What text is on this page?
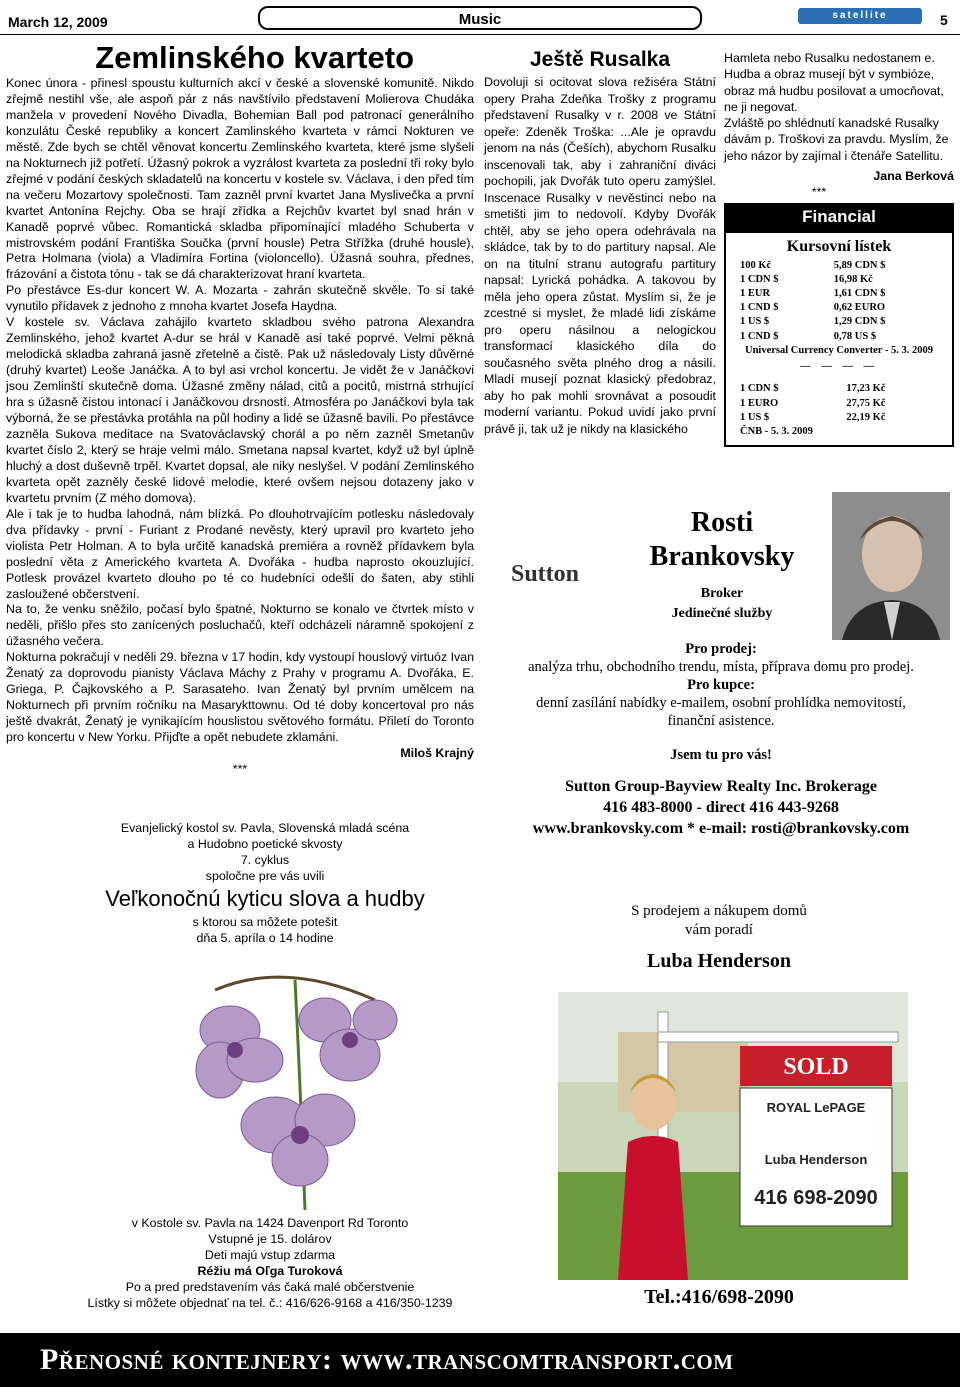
March 12, 2009	Music	satellite	5
Zemlinského kvarteto

Konec února - přinesl spoustu kulturních akcí v české a slovenské komunitě. Nikdo zřejmě nestihl vše, ale aspoň pár z nás navštívilo představení Molierova Chudáka manžela v provedení Nového Divadla, Bohemian Ball pod patronací generálního konzulátu České republiky a koncert Zamlinského kvarteta v rámci Nokturen ve městě. Zde bych se chtěl věnovat koncertu Zemlinského kvarteta, které jsme slyšeli na Nokturnech již potřetí. Úžasný pokrok a vyzrálost kvarteta za poslední tři roky bylo zřejmé v podání českých skladatelů na koncertu v kostele sv. Václava, i den před tím na večeru Mozartovy společnosti. Tam zazněl první kvartet Jana Myslivečka a první kvartet Antonína Rejchy. Oba se hrají zřídka a Rejchův kvartet byl snad hrán v Kanadě poprvé vůbec. Romantická skladba připomínající mladého Schuberta v mistrovském podání Františka Součka (první housle) Petra Střížka (druhé housle), Petra Holmana (viola) a Vladimíra Fortina (violoncello). Úžasná souhra, přednes, frázování a čistota tónu - tak se dá charakterizovat hraní kvarteta.

Po přestávce Es-dur koncert W. A. Mozarta - zahrán skutečně skvěle. To si také vynutilo přídavek z jednoho z mnoha kvartet Josefa Haydna.

V kostele sv. Václava zahájilo kvarteto skladbou svého patrona Alexandra Zemlinského, jehož kvartet A-dur se hrál v Kanadě asi také poprvé. Velmi pěkná melodická skladba zahraná jasně zřetelně a čistě. Pak už následovaly Listy důvěrné (druhý kvartet) Leoše Janáčka. A to byl asi vrchol koncertu. Je vidět že v Janáčkovi jsou Zemlinští skutečně doma. Úžasné změny nálad, citů a pocitů, mistrná strhující hra s úžasně čistou intonací i Janáčkovou drsností. Atmosféra po Janáčkovi byla tak výborná, že se přestávka protáhla na půl hodiny a lidé se úžasně bavili. Po přestávce zazněla Sukova meditace na Svatováclavský chorál a po něm zazněl Smetanův kvartet číslo 2, který se hraje velmi málo. Smetana napsal kvartet, když už byl úplně hluchý a dost duševně trpěl. Kvartet dopsal, ale niky neslyšel. V podání Zemlinského kvarteta opět zazněly české lidové melodie, které ovšem nejsou dotazeny jako v kvartetu prvním (Z mého domova).

Ale i tak je to hudba lahodná, nám blízká. Po dlouhotrvajícím potlesku následovaly dva přídavky - první - Furiant z Prodané nevěsty, který upravil pro kvarteto jeho violista Petr Holman. A to byla určitě kanadská premiéra a rovněž přídavkem byla poslední věta z Amerického kvarteta A. Dvořáka - hudba naprosto okouzlující. Potlesk provázel kvarteto dlouho po té co hudebníci odešli do šaten, aby stihli zasloužené občerstvení.

Na to, že venku sněžilo, počasí bylo špatné, Nokturno se konalo ve čtvrtek místo v neděli, přišlo přes sto zanícených posluchačů, kteří odcházeli náramně spokojení z úžasného večera.

Nokturna pokračují v neděli 29. března v 17 hodin, kdy vystoupí houslový virtuóz Ivan Ženatý za doprovodu pianisty Václava Máchy z Prahy v programu A. Dvořáka, E. Griega, P. Čajkovského a P. Sarasateho. Ivan Ženatý byl prvním umělcem na Nokturnech při prvním ročníku na Masarykttownu. Od té doby koncertoval pro nás ještě dvakrát, Ženatý je vynikajícím houslistou světového formátu. Přiletí do Toronto pro koncertu v New Yorku. Přijďte a opět nebudete zklamáni.

Miloš Krajný

***

Evanjelický kostol sv. Pavla, Slovenská mladá scéna
a Hudobno poetické skvosty
7. cyklus
spoločne pre vás uvili
Veľkonočnú kyticu slova a hudby
s ktorou sa môžete potešit
dňa 5. apríla o 14 hodine
v Kostole sv. Pavla na 1424 Davenport Rd Toronto
Vstupné je 15. dolárov
Deti majú vstup zdarma
Réžiu má Oľga Turoková
Po a pred predstavením vás čaká malé občerstvenie
Lístky si môžete objednať na tel. č.: 416/626-9168 a 416/350-1239
Ještě Rusalka

Dovoluji si ocitovat slova režiséra Státní opery Praha Zdeňka Trošky z programu představení Rusalky v r. 2008 ve Státní opeře: Zdeněk Troška: ...Ale je opravdu jenom na nás (Češích), abychom Rusalku inscenovali tak, aby i zahraniční diváci pochopili, jak Dvořák tuto operu zamýšlel. Inscenace Rusalky v nevěstinci nebo na smetišti jim to nedovolí. Kdyby Dvořák chtěl, aby se jeho opera odehrávala na skládce, tak by to do partitury napsal. Ale on na titulní stranu autografu partitury napsal: Lyrická pohádka. A takovou by měla jeho opera zůstat. Myslím si, že je zcestné si myslet, že mladé lidi získáme pro operu násilnou a nelogickou transformací klasického díla do současného světa plného drog a násilí. Mladí musejí poznat klasický předobraz, aby ho pak mohli srovnávat a posoudit moderní variantu. Pokud uvidí jako první právě ji, tak už je nikdy na klasického

Hamleta nebo Rusalku nedostanem e. Hudba a obraz musejí být v symbióze, obraz má hudbu posilovat a umocňovat, ne ji negovat.

Zvláště po shlédnutí kanadské Rusalky dávám p. Troškovi za pravdu. Myslím, že jeho názor by zajímal i čtenáře Satellitu.

Jana Berková

***

Financial
Kursovní lístek
100 Kč	5,89 CDN $
1 CDN $	16,98 Kč
1 EUR	1,61 CDN $
1 CND $	0,62 EURO
1 US $	1,29 CDN $
1 CND $	0,78 US $
Universal Currency Converter - 5. 3. 2009
— — — —
1 CDN $	17,23 Kč
1 EURO	27,75 Kč
1 US $	22,19 Kč
ČNB - 5. 3. 2009
Sutton
Rosti Brankovsky
Broker
Jedinečné služby
Pro prodej:
analýza trhu, obchodního trendu, místa, příprava domu pro prodej.
Pro kupce:
denní zasílání nabídky e-mailem, osobní prohlídka nemovitostí, finanční asistence.
Jsem tu pro vás!
Sutton Group-Bayview Realty Inc. Brokerage
416 483-8000 - direct 416 443-9268
www.brankovsky.com * e-mail: rosti@brankovsky.com
S prodejem a nákupem domů
vám poradí
Luba Henderson
SOLD
ROYAL LePAGE
Luba Henderson
416 698-2090
Tel.:416/698-2090
Přenosné kontejnery: www.transcomtransport.com
